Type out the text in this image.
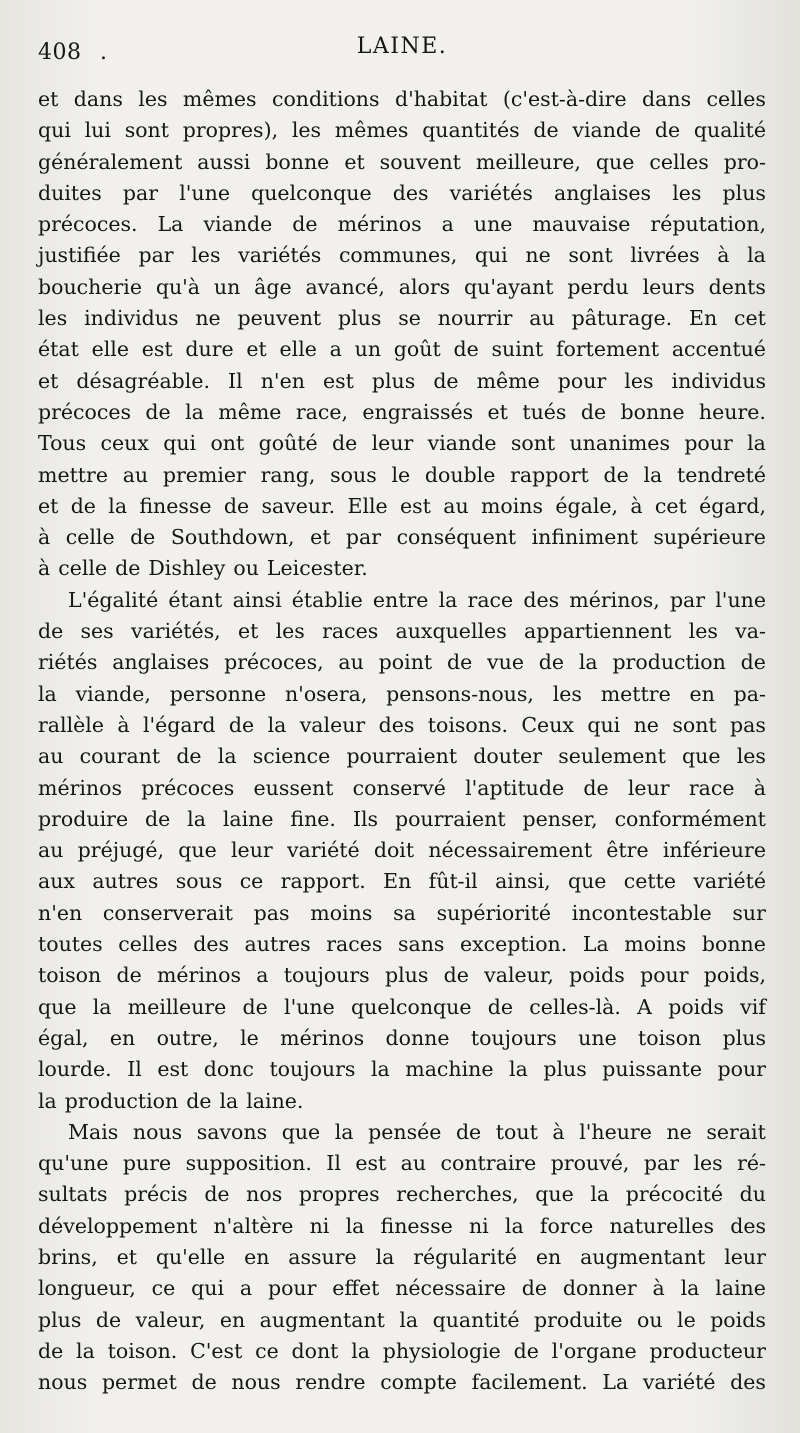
408 .	LAINE.
et dans les mêmes conditions d'habitat (c'est-à-dire dans celles
qui lui sont propres), les mêmes quantités de viande de qualité
généralement aussi bonne et souvent meilleure, que celles pro-
duites par l'une quelconque des variétés anglaises les plus
précoces. La viande de mérinos a une mauvaise réputation,
justifiée par les variétés communes, qui ne sont livrées à la
boucherie qu'à un âge avancé, alors qu'ayant perdu leurs dents
les individus ne peuvent plus se nourrir au pâturage. En cet
état elle est dure et elle a un goût de suint fortement accentué
et désagréable. Il n'en est plus de même pour les individus
précoces de la même race, engraissés et tués de bonne heure.
Tous ceux qui ont goûté de leur viande sont unanimes pour la
mettre au premier rang, sous le double rapport de la tendreté
et de la finesse de saveur. Elle est au moins égale, à cet égard,
à celle de Southdown, et par conséquent infiniment supérieure
à celle de Dishley ou Leicester.
L'égalité étant ainsi établie entre la race des mérinos, par l'une
de ses variétés, et les races auxquelles appartiennent les va-
riétés anglaises précoces, au point de vue de la production de
la viande, personne n'osera, pensons-nous, les mettre en pa-
rallèle à l'égard de la valeur des toisons. Ceux qui ne sont pas
au courant de la science pourraient douter seulement que les
mérinos précoces eussent conservé l'aptitude de leur race à
produire de la laine fine. Ils pourraient penser, conformément
au préjugé, que leur variété doit nécessairement être inférieure
aux autres sous ce rapport. En fût-il ainsi, que cette variété
n'en conserverait pas moins sa supériorité incontestable sur
toutes celles des autres races sans exception. La moins bonne
toison de mérinos a toujours plus de valeur, poids pour poids,
que la meilleure de l'une quelconque de celles-là. A poids vif
égal, en outre, le mérinos donne toujours une toison plus
lourde. Il est donc toujours la machine la plus puissante pour
la production de la laine.
Mais nous savons que la pensée de tout à l'heure ne serait
qu'une pure supposition. Il est au contraire prouvé, par les ré-
sultats précis de nos propres recherches, que la précocité du
développement n'altère ni la finesse ni la force naturelles des
brins, et qu'elle en assure la régularité en augmentant leur
longueur, ce qui a pour effet nécessaire de donner à la laine
plus de valeur, en augmentant la quantité produite ou le poids
de la toison. C'est ce dont la physiologie de l'organe producteur
nous permet de nous rendre compte facilement. La variété des
